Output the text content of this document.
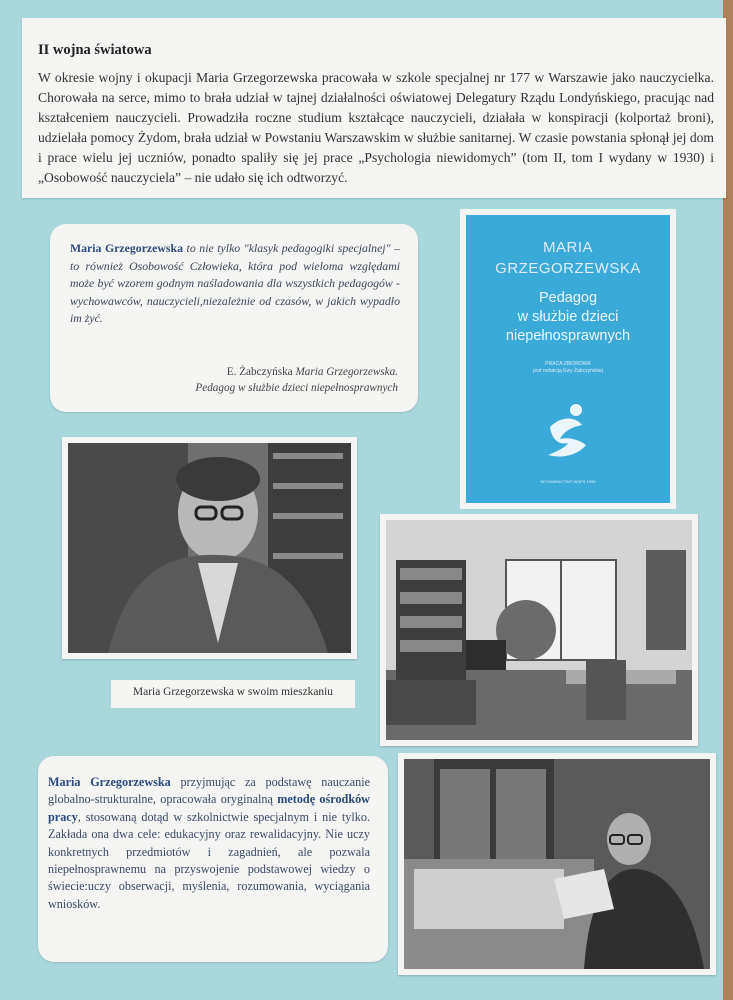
II wojna światowa

W okresie wojny i okupacji Maria Grzegorzewska pracowała w szkole specjalnej nr 177 w Warszawie jako nauczycielka. Chorowała na serce, mimo to brała udział w tajnej działalności oświatowej Delegatury Rządu Londyńskiego, pracując nad kształceniem nauczycieli. Prowadziła roczne studium kształcące nauczycieli, działała w konspiracji (kolportaż broni), udzielała pomocy Żydom, brała udział w Powstaniu Warszawskim w służbie sanitarnej. W czasie powstania spłonął jej dom i prace wielu jej uczniów, ponadto spaliły się jej prace „Psychologia niewidomych” (tom II, tom I wydany w 1930) i „Osobowość nauczyciela” – nie udało się ich odtworzyć.

Maria Grzegorzewska to nie tylko "klasyk pedagogiki specjalnej" – to również Osobowość Człowieka, która pod wieloma względami może być wzorem godnym naśladowania dla wszystkich pedagogów - wychowawców, nauczycieli,niezależnie od czasów, w jakich wypadło im żyć.
E. Żabczyńska Maria Grzegorzewska.
Pedagog w służbie dzieci niepełnosprawnych
MARIA
GRZEGORZEWSKA
Pedagog
w służbie dzieci
niepełnosprawnych
PRACA ZBIOROWA
pod redakcją Ewy Żabczyńskiej
WYDAWNICTWO WSPS 1996
Maria Grzegorzewska w swoim mieszkaniu

Maria Grzegorzewska przyjmując za podstawę nauczanie globalno-strukturalne, opracowała oryginalną metodę ośrodków pracy, stosowaną dotąd w szkolnictwie specjalnym i nie tylko. Zakłada ona dwa cele: edukacyjny oraz rewalidacyjny. Nie uczy konkretnych przedmiotów i zagadnień, ale pozwala niepełnosprawnemu na przyswojenie podstawowej wiedzy o świecie:uczy obserwacji, myślenia, rozumowania, wyciągania wniosków.
